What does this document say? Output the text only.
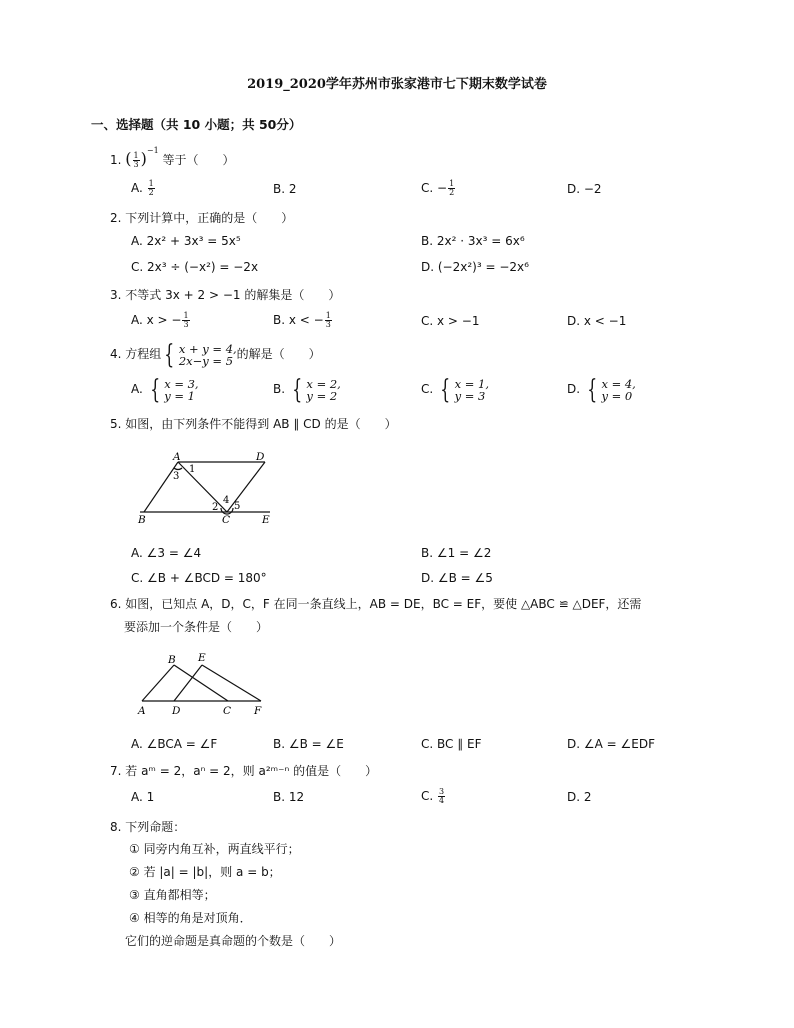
2019_2020学年苏州市张家港市七下期末数学试卷
一、选择题（共 10 小题；共 50分）
1. ( $\frac{1}{3} )^{-1}$ 等于（　　）
A. $\frac{1}{2}$	B. 2	C. − $\frac{1}{2}$	D. −2
2. 下列计算中，正确的是（　　）
A. 2x² + 3x³ = 5x⁵	B. 2x² · 3x³ = 6x⁶
C. 2x³ ÷ (−x²) = −2x	D. (−2x²)³ = −2x⁶
3. 不等式 3x + 2 > −1 的解集是（　　）
A. x > − $\frac{1}{3}$	B. x < − $\frac{1}{3}$	C. x > −1	D. x < −1
4. 方程组 { x + y = 4,
2x−y = 5 的解是（　　）
A. { x = 3,
y = 1	B. { x = 2,
y = 2	C. { x = 1,
y = 3	D. { x = 4,
y = 0
5. 如图，由下列条件不能得到 AB ∥ CD 的是（　　）
A	D
B	C	E
1
3
2
4
5
A. ∠3 = ∠4	B. ∠1 = ∠2
C. ∠B + ∠BCD = 180°	D. ∠B = ∠5
6. 如图，已知点 A，D，C，F 在同一条直线上，AB = DE，BC = EF，要使 △ABC ≌ △DEF，还需
要添加一个条件是（　　）
B E
A	D	C F
A. ∠BCA = ∠F	B. ∠B = ∠E	C. BC ∥ EF	D. ∠A = ∠EDF
7. 若 aᵐ = 2，aⁿ = 2，则 a²ᵐ⁻ⁿ 的值是（　　）
A. 1	B. 12	C. $\frac{3}{4}$	D. 2
8. 下列命题：
① 同旁内角互补，两直线平行；
② 若 |a| = |b|，则 a = b；
③ 直角都相等；
④ 相等的角是对顶角．
它们的逆命题是真命题的个数是（　　）
